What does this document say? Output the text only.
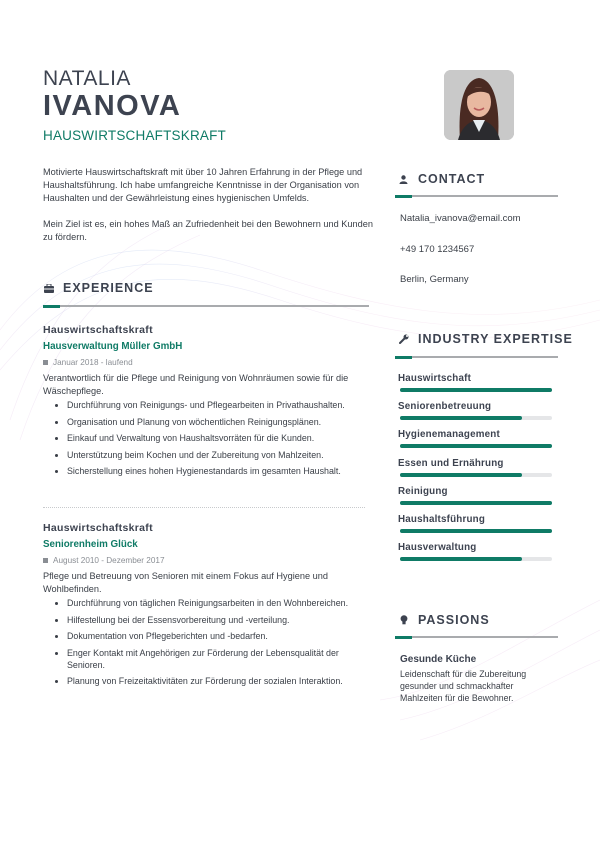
NATALIA
IVANOVA
HAUSWIRTSCHAFTSKRAFT

Motivierte Hauswirtschaftskraft mit über 10 Jahren Erfahrung in der Pflege und Haushaltsführung. Ich habe umfangreiche Kenntnisse in der Organisation von Haushalten und der Gewährleistung eines hygienischen Umfelds.

Mein Ziel ist es, ein hohes Maß an Zufriedenheit bei den Bewohnern und Kunden zu fördern.

EXPERIENCE
Hauswirtschaftskraft
Hausverwaltung Müller GmbH
Januar 2018 - laufend
Verantwortlich für die Pflege und Reinigung von Wohnräumen sowie für die Wäschepflege.
Durchführung von Reinigungs- und Pflegearbeiten in Privathaushalten.
Organisation und Planung von wöchentlichen Reinigungsplänen.
Einkauf und Verwaltung von Haushaltsvorräten für die Kunden.
Unterstützung beim Kochen und der Zubereitung von Mahlzeiten.
Sicherstellung eines hohen Hygienestandards im gesamten Haushalt.
Hauswirtschaftskraft
Seniorenheim Glück
August 2010 - Dezember 2017
Pflege und Betreuung von Senioren mit einem Fokus auf Hygiene und Wohlbefinden.
Durchführung von täglichen Reinigungsarbeiten in den Wohnbereichen.
Hilfestellung bei der Essensvorbereitung und -verteilung.
Dokumentation von Pflegeberichten und -bedarfen.
Enger Kontakt mit Angehörigen zur Förderung der Lebensqualität der Senioren.
Planung von Freizeitaktivitäten zur Förderung der sozialen Interaktion.
CONTACT
Natalia_ivanova@email.com
+49 170 1234567
Berlin, Germany
INDUSTRY EXPERTISE
Hauswirtschaft
Seniorenbetreuung
Hygienemanagement
Essen und Ernährung
Reinigung
Haushaltsführung
Hausverwaltung
PASSIONS
Gesunde Küche
Leidenschaft für die Zubereitung gesunder und schmackhafter Mahlzeiten für die Bewohner.
